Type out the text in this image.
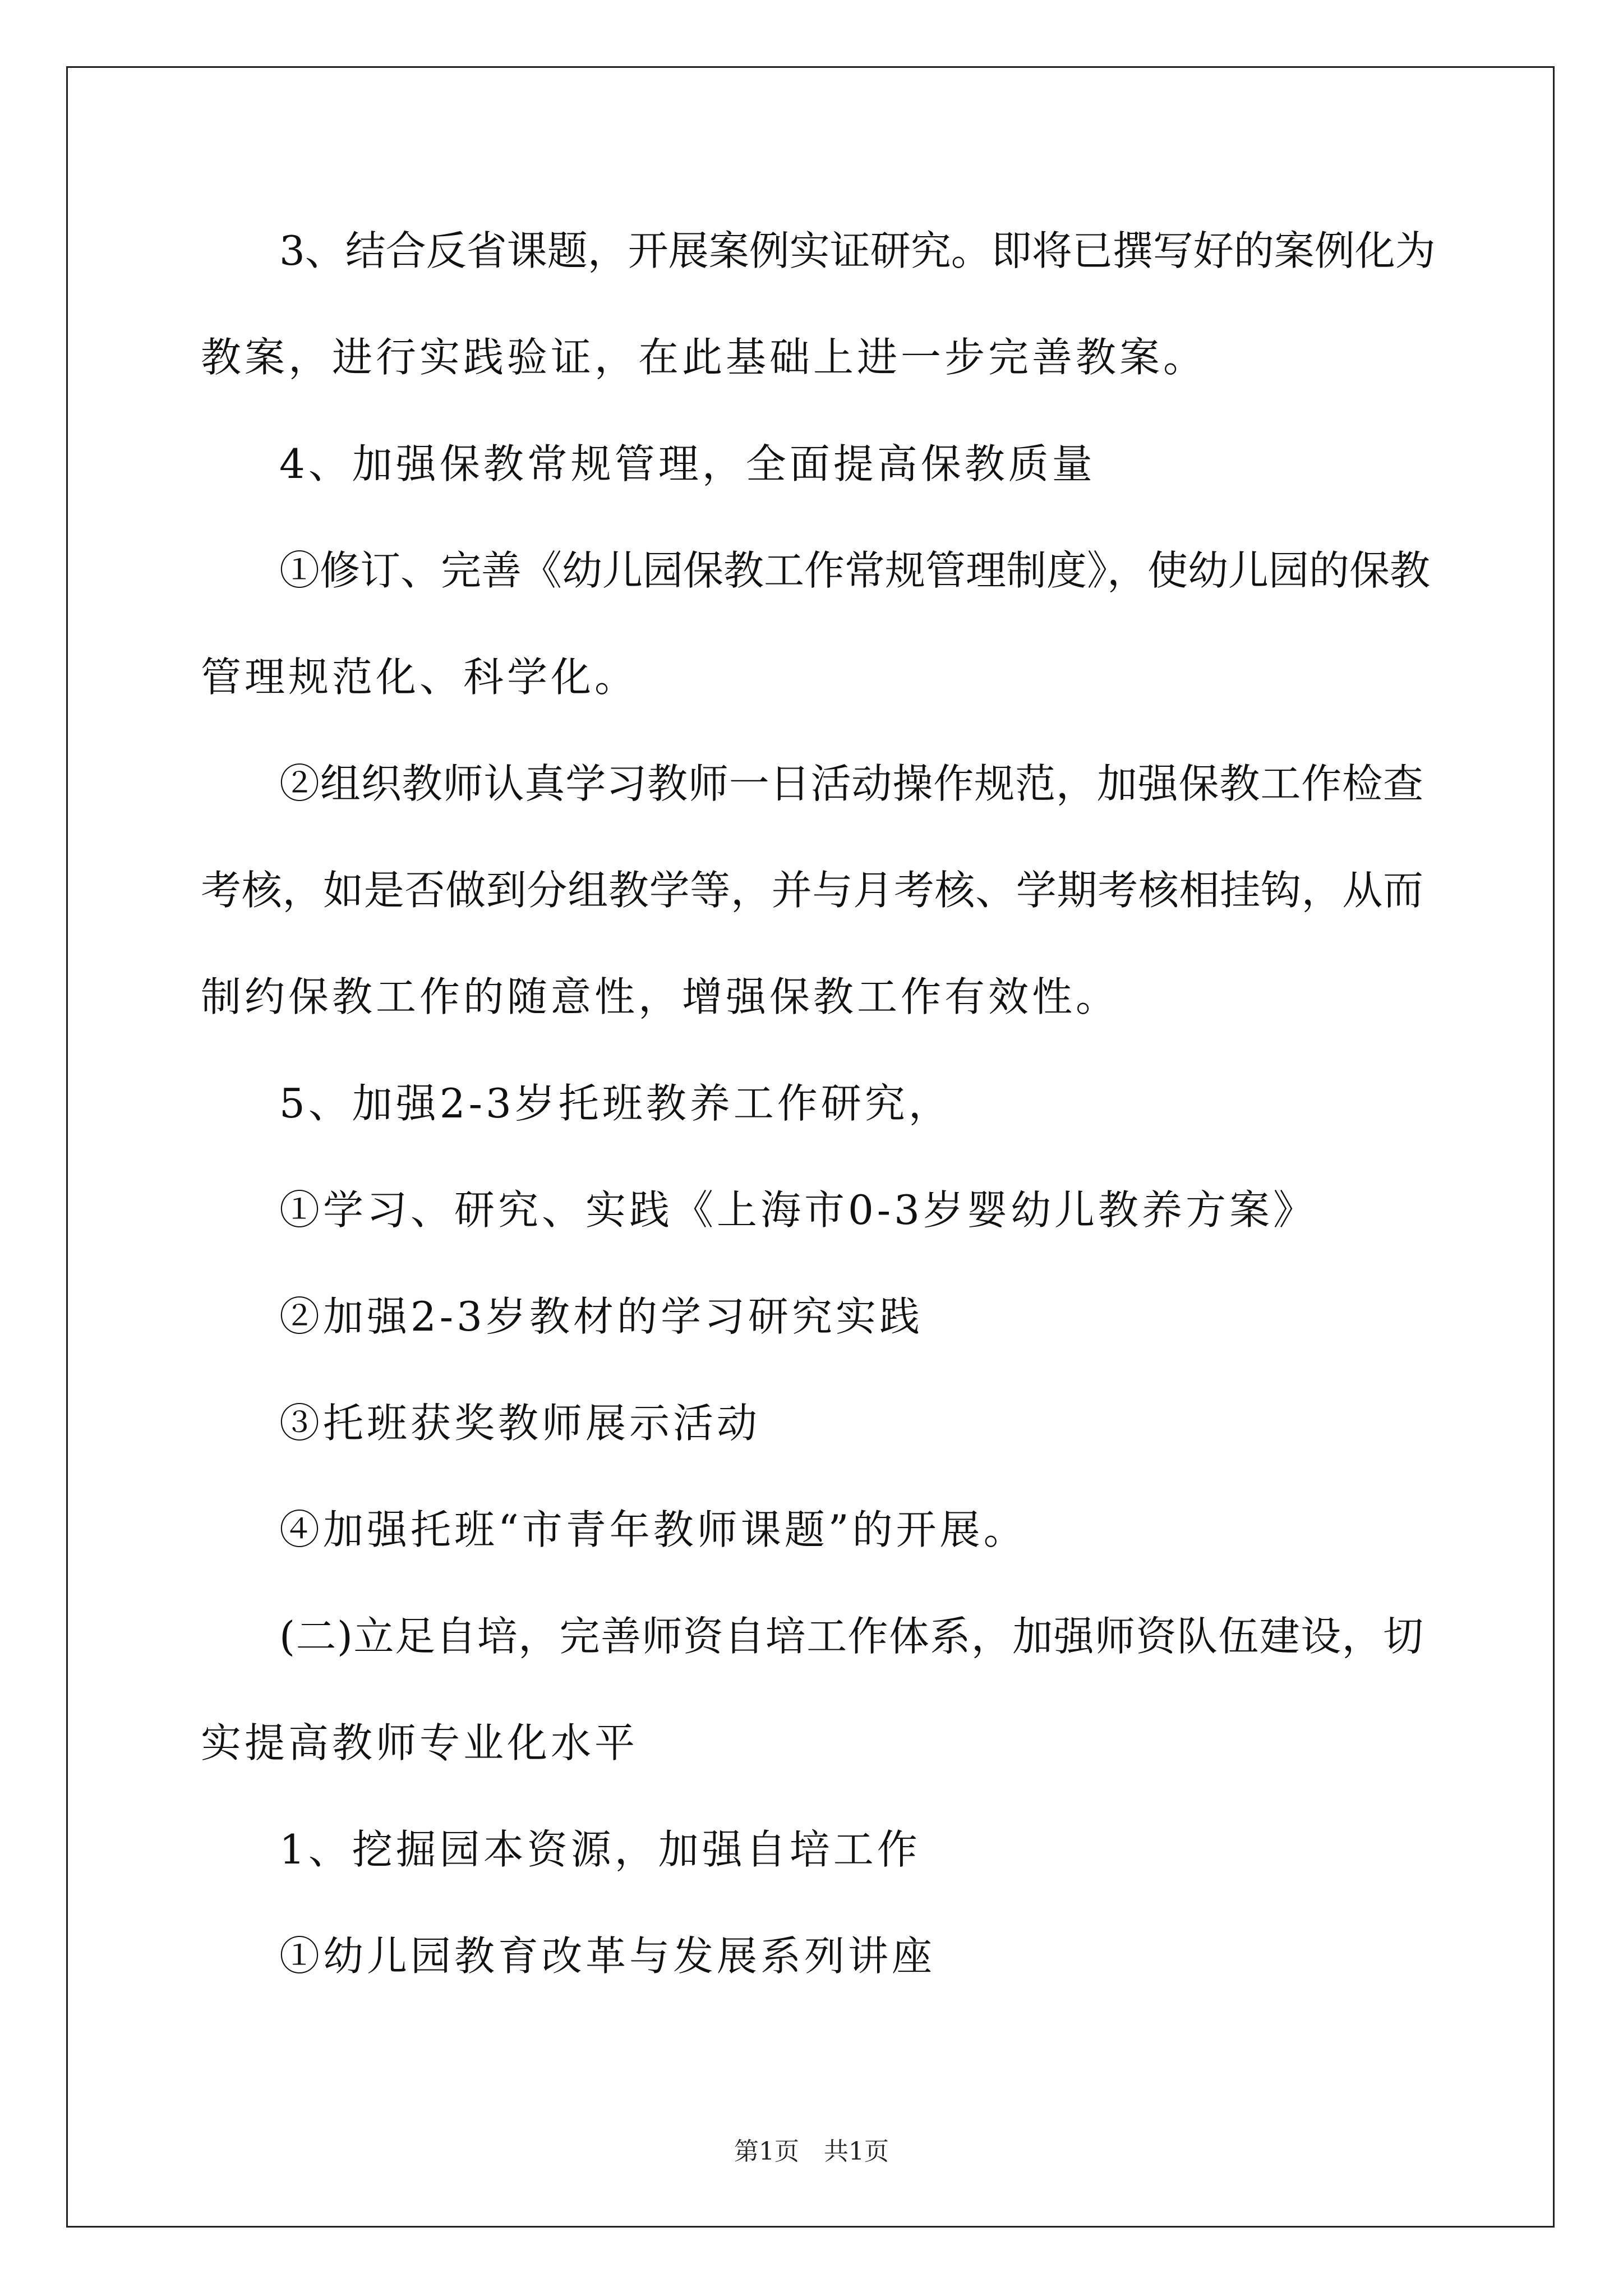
3、结合反省课题，开展案例实证研究。即将已撰写好的案例化为
教案，进行实践验证，在此基础上进一步完善教案。
4、加强保教常规管理，全面提高保教质量
①修订、完善《幼儿园保教工作常规管理制度》，使幼儿园的保教
管理规范化、科学化。
②组织教师认真学习教师一日活动操作规范，加强保教工作检查
考核，如是否做到分组教学等，并与月考核、学期考核相挂钩，从而
制约保教工作的随意性，增强保教工作有效性。
5、加强2-3岁托班教养工作研究，
①学习、研究、实践《上海市0-3岁婴幼儿教养方案》
②加强2-3岁教材的学习研究实践
③托班获奖教师展示活动
④加强托班“市青年教师课题”的开展。
(二)立足自培，完善师资自培工作体系，加强师资队伍建设，切
实提高教师专业化水平
1、挖掘园本资源，加强自培工作
①幼儿园教育改革与发展系列讲座
第1页　共1页
